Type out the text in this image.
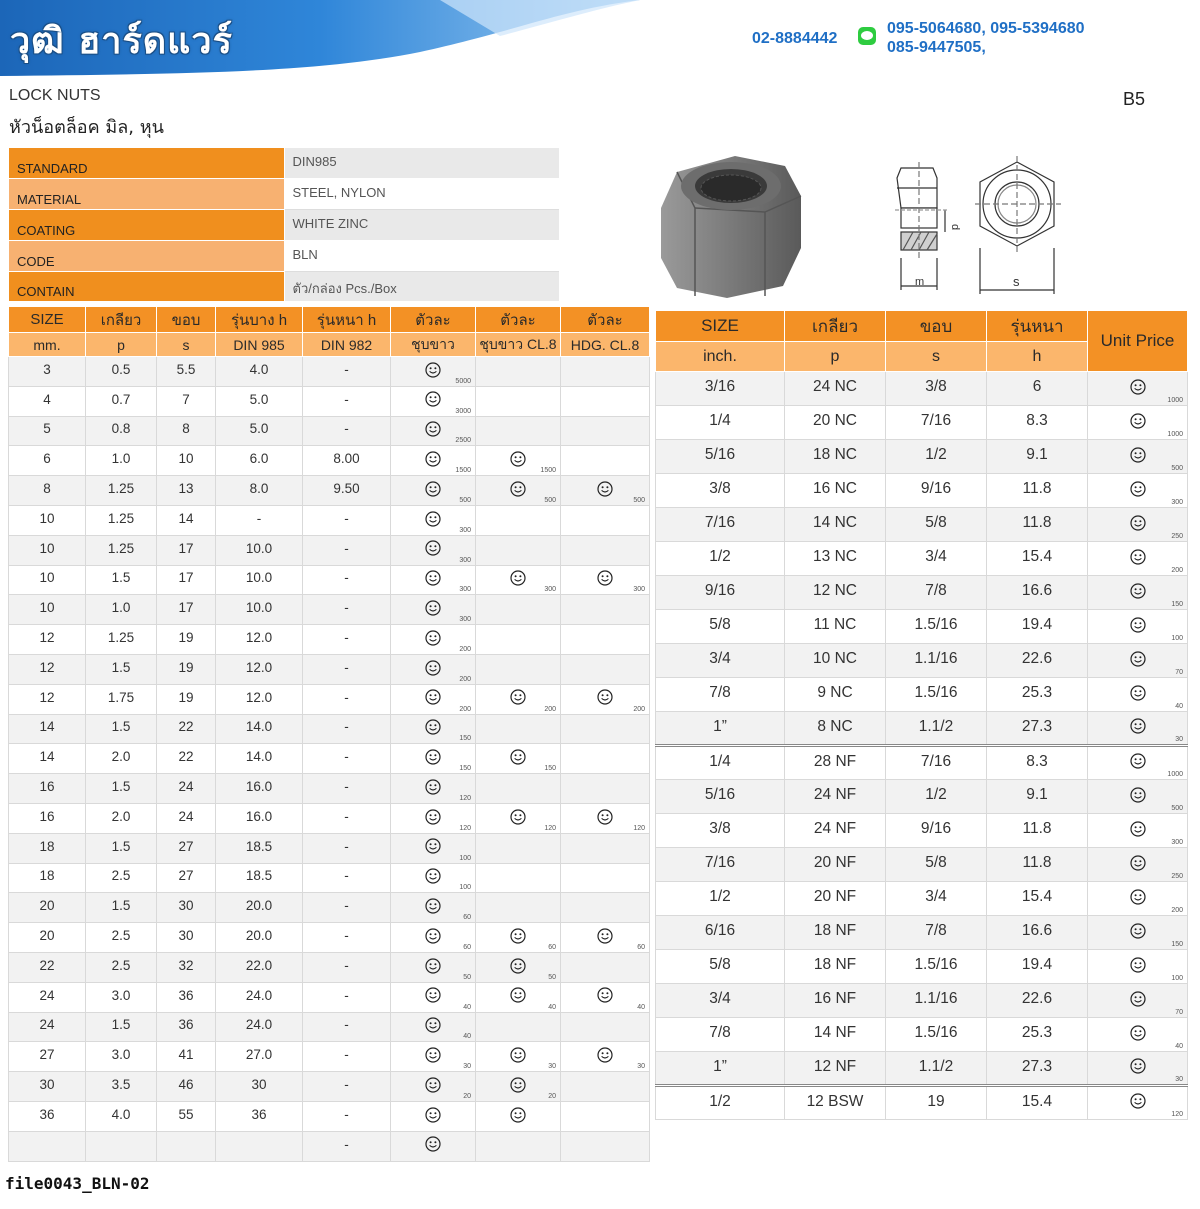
วุฒิ ฮาร์ดแวร์	02-8884442
095-5064680, 095-5394680
085-9447505,
LOCK NUTS
หัวน็อตล็อค มิล, หุน
B5
STANDARD	DIN985
MATERIAL	STEEL, NYLON
COATING	WHITE ZINC
CODE	BLN
CONTAIN	ตัว/กล่อง Pcs./Box
d
m	s
SIZE	เกลียว	ขอบ	รุ่นบาง h	รุ่นหนา h	ตัวละ	ตัวละ	ตัวละ
mm.	p	s	DIN 985	DIN 982	ชุบขาว	ชุบขาว CL.8	HDG. CL.8
3	0.5	5.5	4.0	-	5000		

4	0.7	7	5.0	-	3000		

5	0.8	8	5.0	-	2500		

6	1.0	10	6.0	8.00	1500	1500	

8	1.25	13	8.0	9.50	500	500	500

10	1.25	14	-	-	300		

10	1.25	17	10.0	-	300		

10	1.5	17	10.0	-	300	300	300

10	1.0	17	10.0	-	300		

12	1.25	19	12.0	-	200		

12	1.5	19	12.0	-	200		

12	1.75	19	12.0	-	200	200	200

14	1.5	22	14.0	-	150		

14	2.0	22	14.0	-	150	150	

16	1.5	24	16.0	-	120		

16	2.0	24	16.0	-	120	120	120

18	1.5	27	18.5	-	100		

18	2.5	27	18.5	-	100		

20	1.5	30	20.0	-	60		

20	2.5	30	20.0	-	60	60	60

22	2.5	32	22.0	-	50	50	

24	3.0	36	24.0	-	40	40	40

24	1.5	36	24.0	-	40		

27	3.0	41	27.0	-	30	30	30

30	3.5	46	30	-	20	20	

36	4.0	55	36	-	

				-	

SIZE	เกลียว	ขอบ	รุ่นหนา	Unit Price
inch.	p	s	h	
3/16	24 NC	3/8	6	1000

1/4	20 NC	7/16	8.3	1000

5/16	18 NC	1/2	9.1	500

3/8	16 NC	9/16	11.8	300

7/16	14 NC	5/8	11.8	250

1/2	13 NC	3/4	15.4	200

9/16	12 NC	7/8	16.6	150

5/8	11 NC	1.5/16	19.4	100

3/4	10 NC	1.1/16	22.6	70

7/8	9 NC	1.5/16	25.3	40

1”	8 NC	1.1/2	27.3	30

1/4	28 NF	7/16	8.3	1000

5/16	24 NF	1/2	9.1	500

3/8	24 NF	9/16	11.8	300

7/16	20 NF	5/8	11.8	250

1/2	20 NF	3/4	15.4	200

6/16	18 NF	7/8	16.6	150

5/8	18 NF	1.5/16	19.4	100

3/4	16 NF	1.1/16	22.6	70

7/8	14 NF	1.5/16	25.3	40

1”	12 NF	1.1/2	27.3	30

1/2	12 BSW	19	15.4	120
file0043_BLN-02
